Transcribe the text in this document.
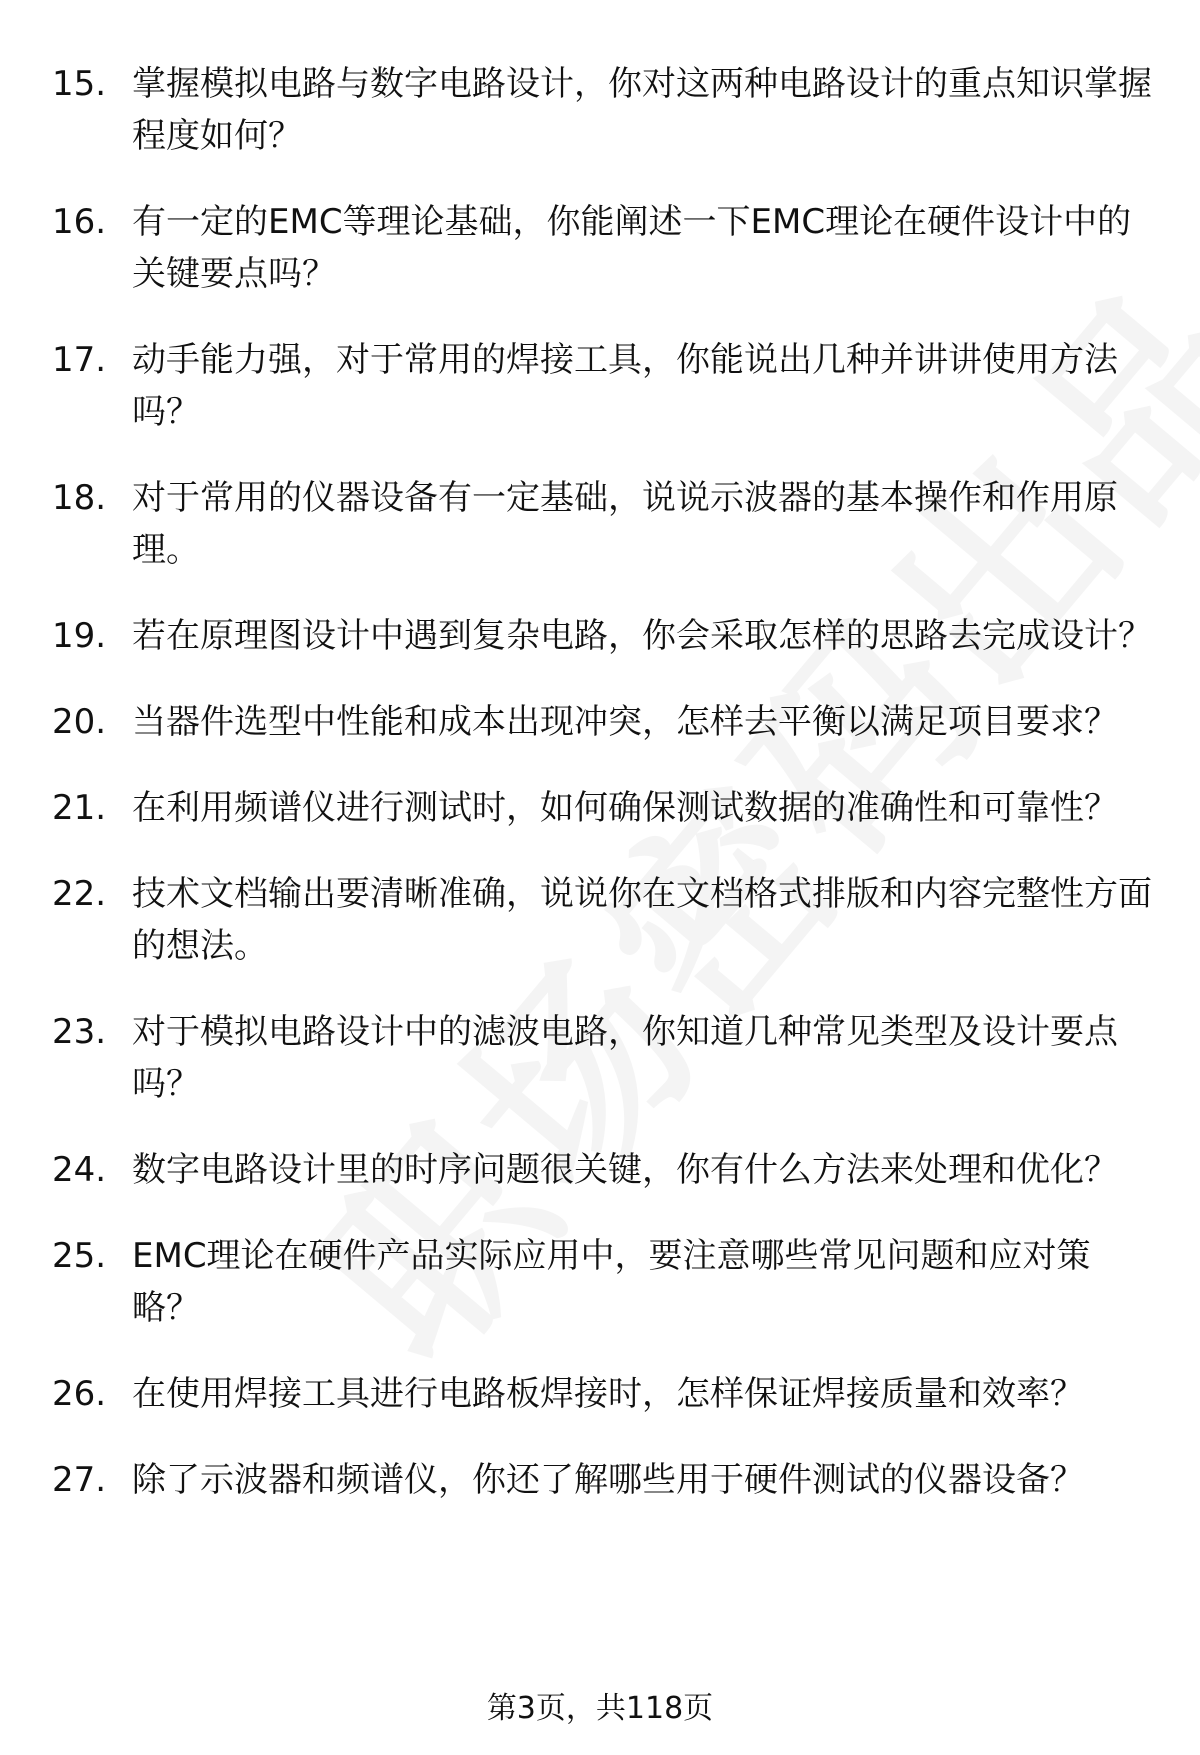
15. 掌握模拟电路与数字电路设计，你对这两种电路设计的重点知识掌握程度如何？
16. 有一定的EMC等理论基础，你能阐述一下EMC理论在硬件设计中的关键要点吗？
17. 动手能力强，对于常用的焊接工具，你能说出几种并讲讲使用方法吗？
18. 对于常用的仪器设备有一定基础，说说示波器的基本操作和作用原理。
19. 若在原理图设计中遇到复杂电路，你会采取怎样的思路去完成设计？
20. 当器件选型中性能和成本出现冲突，怎样去平衡以满足项目要求？
21. 在利用频谱仪进行测试时，如何确保测试数据的准确性和可靠性？
22. 技术文档输出要清晰准确，说说你在文档格式排版和内容完整性方面的想法。
23. 对于模拟电路设计中的滤波电路，你知道几种常见类型及设计要点吗？
24. 数字电路设计里的时序问题很关键，你有什么方法来处理和优化？
25. EMC理论在硬件产品实际应用中，要注意哪些常见问题和应对策略？
26. 在使用焊接工具进行电路板焊接时，怎样保证焊接质量和效率？
27. 除了示波器和频谱仪，你还了解哪些用于硬件测试的仪器设备？
第3页，共118页
